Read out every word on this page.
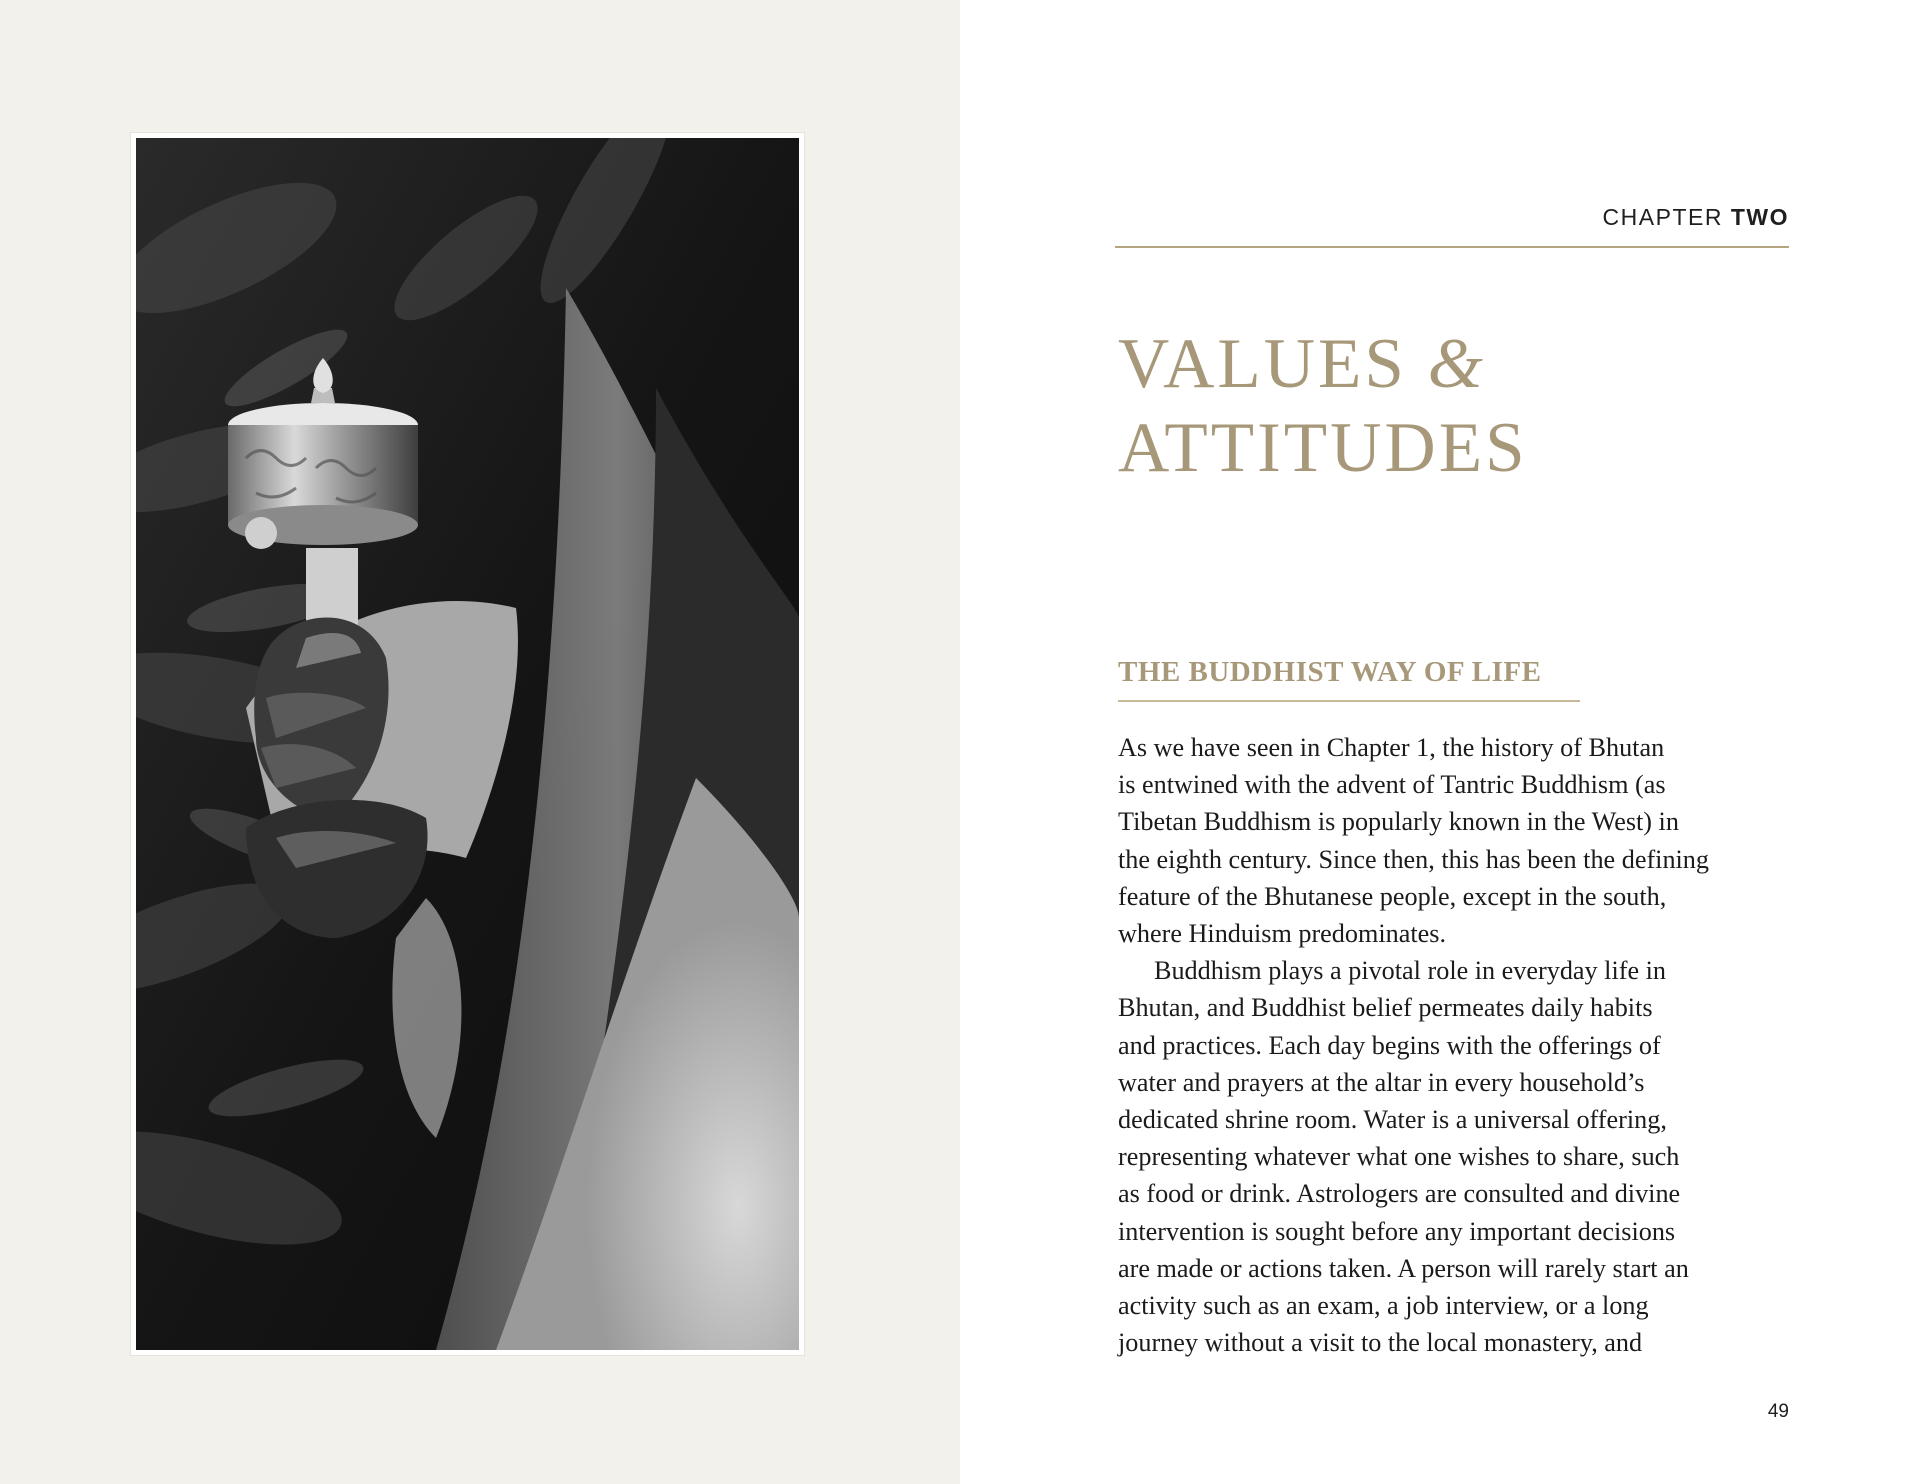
CHAPTER TWO
VALUES &
ATTITUDES
THE BUDDHIST WAY OF LIFE

As we have seen in Chapter 1, the history of Bhutan
is entwined with the advent of Tantric Buddhism (as
Tibetan Buddhism is popularly known in the West) in
the eighth century. Since then, this has been the defining
feature of the Bhutanese people, except in the south,
where Hinduism predominates.

Buddhism plays a pivotal role in everyday life in
Bhutan, and Buddhist belief permeates daily habits
and practices. Each day begins with the offerings of
water and prayers at the altar in every household’s
dedicated shrine room. Water is a universal offering,
representing whatever what one wishes to share, such
as food or drink. Astrologers are consulted and divine
intervention is sought before any important decisions
are made or actions taken. A person will rarely start an
activity such as an exam, a job interview, or a long
journey without a visit to the local monastery, and

49
